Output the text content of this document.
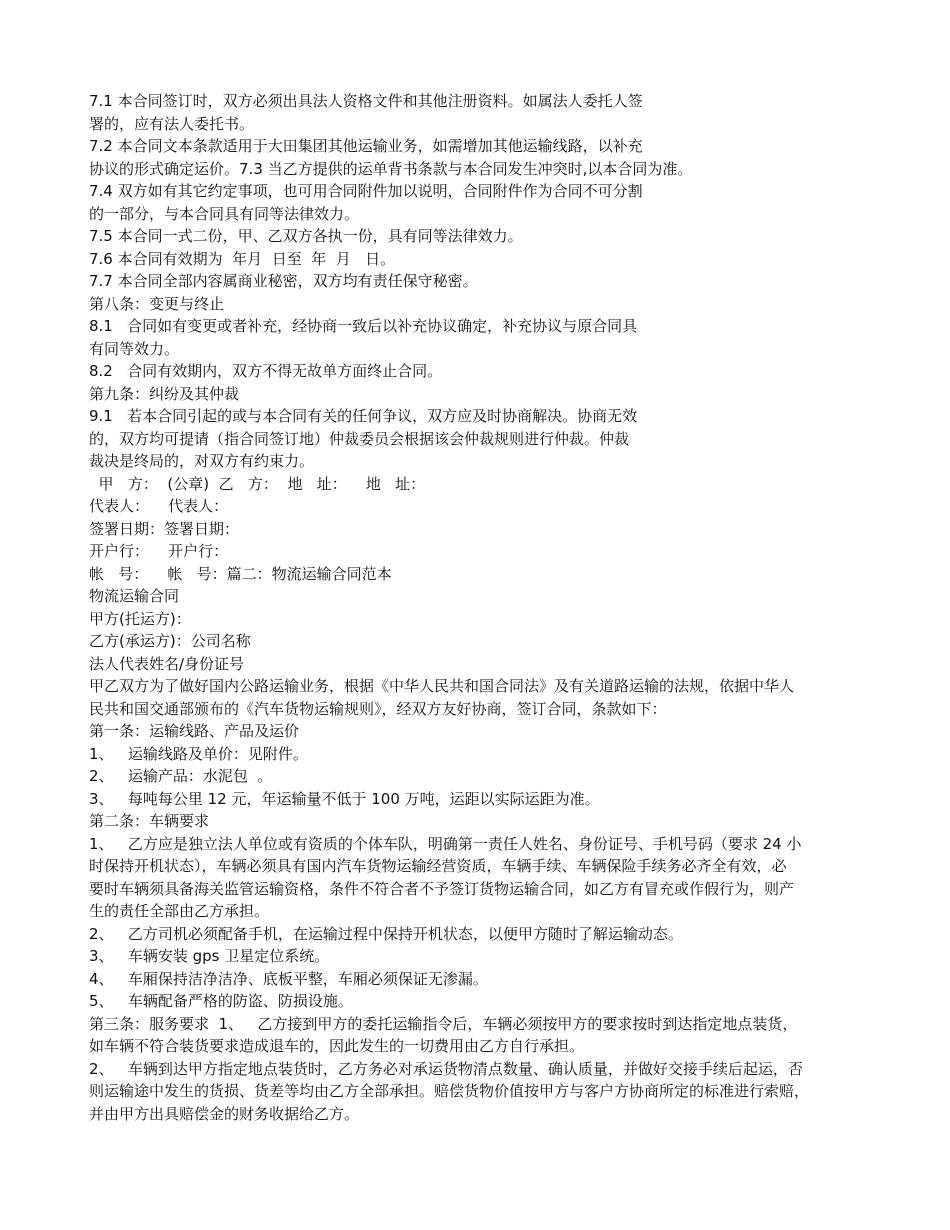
7.1 本合同签订时，双方必须出具法人资格文件和其他注册资料。如属法人委托人签
署的，应有法人委托书。
7.2 本合同文本条款适用于大田集团其他运输业务，如需增加其他运输线路，以补充
协议的形式确定运价。7.3 当乙方提供的运单背书条款与本合同发生冲突时,以本合同为准。
7.4 双方如有其它约定事项，也可用合同附件加以说明，合同附件作为合同不可分割
的一部分，与本合同具有同等法律效力。
7.5 本合同一式二份，甲、乙双方各执一份，具有同等法律效力。
7.6 本合同有效期为  年月  日至  年  月   日。
7.7 本合同全部内容属商业秘密，双方均有责任保守秘密。
第八条：变更与终止
8.1   合同如有变更或者补充，经协商一致后以补充协议确定，补充协议与原合同具
有同等效力。
8.2   合同有效期内，双方不得无故单方面终止合同。
第九条：纠纷及其仲裁
9.1   若本合同引起的或与本合同有关的任何争议，双方应及时协商解决。协商无效
的，双方均可提请（指合同签订地）仲裁委员会根据该会仲裁规则进行仲裁。仲裁
裁决是终局的，对双方有约束力。
甲   方：  (公章)  乙   方：  地   址：    地   址：
代表人：    代表人：
签署日期：签署日期：
开户行：    开户行：
帐   号：    帐   号：篇二：物流运输合同范本
物流运输合同
甲方(托运方)：
乙方(承运方)：公司名称
法人代表姓名/身份证号
甲乙双方为了做好国内公路运输业务，根据《中华人民共和国合同法》及有关道路运输的法规，依据中华人
民共和国交通部颁布的《汽车货物运输规则》，经双方友好协商，签订合同，条款如下：
第一条：运输线路、产品及运价
1、   运输线路及单价：见附件。
2、   运输产品：水泥包  。
3、   每吨每公里 12 元，年运输量不低于 100 万吨，运距以实际运距为准。
第二条：车辆要求
1、   乙方应是独立法人单位或有资质的个体车队，明确第一责任人姓名、身份证号、手机号码（要求 24 小
时保持开机状态），车辆必须具有国内汽车货物运输经营资质，车辆手续、车辆保险手续务必齐全有效，必
要时车辆须具备海关监管运输资格，条件不符合者不予签订货物运输合同，如乙方有冒充或作假行为，则产
生的责任全部由乙方承担。
2、   乙方司机必须配备手机，在运输过程中保持开机状态，以便甲方随时了解运输动态。
3、   车辆安装 gps 卫星定位系统。
4、   车厢保持洁净洁净、底板平整，车厢必须保证无渗漏。
5、   车辆配备严格的防盗、防损设施。
第三条：服务要求  1、   乙方接到甲方的委托运输指令后，车辆必须按甲方的要求按时到达指定地点装货，
如车辆不符合装货要求造成退车的，因此发生的一切费用由乙方自行承担。
2、   车辆到达甲方指定地点装货时，乙方务必对承运货物清点数量、确认质量，并做好交接手续后起运，否
则运输途中发生的货损、货差等均由乙方全部承担。赔偿货物价值按甲方与客户方协商所定的标准进行索赔，
并由甲方出具赔偿金的财务收据给乙方。
